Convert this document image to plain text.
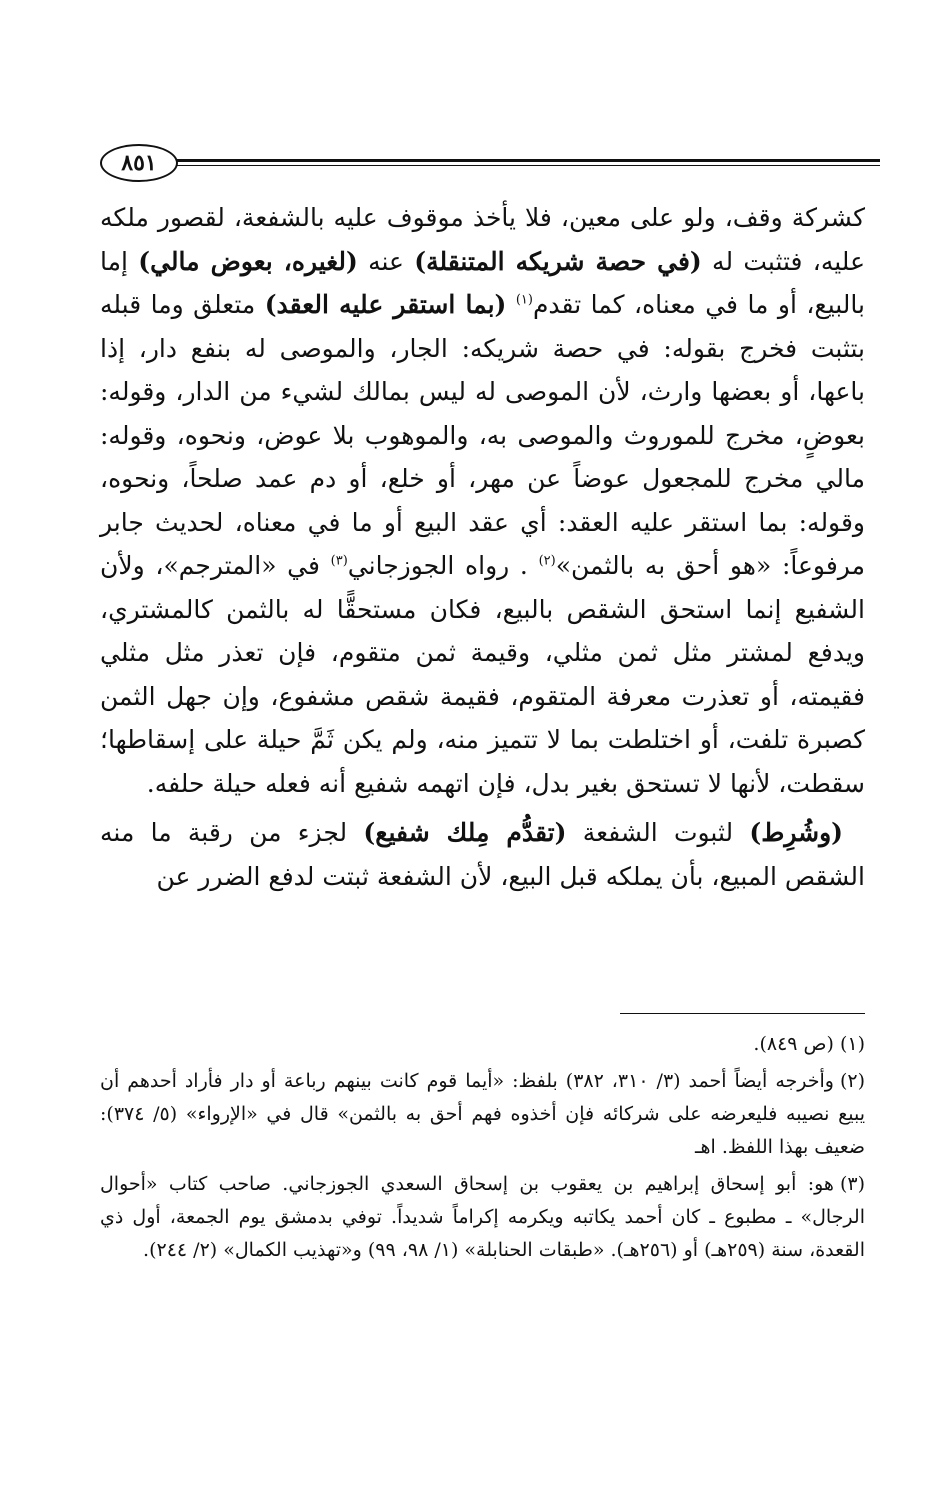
٨٥١

كشركة وقف، ولو على معين، فلا يأخذ موقوف عليه بالشفعة، لقصور ملكه عليه، فتثبت له (في حصة شريكه المتنقلة) عنه (لغيره، بعوض مالي) إما بالبيع، أو ما في معناه، كما تقدم$^{(١)}$ (بما استقر عليه العقد) متعلق وما قبله بتثبت فخرج بقوله: في حصة شريكه: الجار، والموصى له بنفع دار، إذا باعها، أو بعضها وارث، لأن الموصى له ليس بمالك لشيء من الدار، وقوله: بعوضٍ، مخرج للموروث والموصى به، والموهوب بلا عوض، ونحوه، وقوله: مالي مخرج للمجعول عوضاً عن مهر، أو خلع، أو دم عمد صلحاً، ونحوه، وقوله: بما استقر عليه العقد: أي عقد البيع أو ما في معناه، لحديث جابر مرفوعاً: «هو أحق به بالثمن»$^{(٢)}$ . رواه الجوزجاني$^{(٣)}$ في «المترجم»، ولأن الشفيع إنما استحق الشقص بالبيع، فكان مستحقًّا له بالثمن كالمشتري، ويدفع لمشتر مثل ثمن مثلي، وقيمة ثمن متقوم، فإن تعذر مثل مثلي فقيمته، أو تعذرت معرفة المتقوم، فقيمة شقص مشفوع، وإن جهل الثمن كصبرة تلفت، أو اختلطت بما لا تتميز منه، ولم يكن ثَمَّ حيلة على إسقاطها؛ سقطت، لأنها لا تستحق بغير بدل، فإن اتهمه شفيع أنه فعله حيلة حلفه.

(وشُرِط) لثبوت الشفعة (تقدُّم مِلك شفيع) لجزء من رقبة ما منه الشقص المبيع، بأن يملكه قبل البيع، لأن الشفعة ثبتت لدفع الضرر عن

(١)(ص ٨٤٩).
(٢)وأخرجه أيضاً أحمد (٣/ ٣١٠، ٣٨٢) بلفظ: «أيما قوم كانت بينهم رباعة أو دار فأراد أحدهم أن يبيع نصيبه فليعرضه على شركائه فإن أخذوه فهم أحق به بالثمن» قال في «الإرواء» (٥/ ٣٧٤): ضعيف بهذا اللفظ. اهـ
(٣)هو: أبو إسحاق إبراهيم بن يعقوب بن إسحاق السعدي الجوزجاني. صاحب كتاب «أحوال الرجال» ـ مطبوع ـ كان أحمد يكاتبه ويكرمه إكراماً شديداً. توفي بدمشق يوم الجمعة، أول ذي القعدة، سنة (٢٥٩هـ) أو (٢٥٦هـ). «طبقات الحنابلة» (١/ ٩٨، ٩٩) و«تهذيب الكمال» (٢/ ٢٤٤).
